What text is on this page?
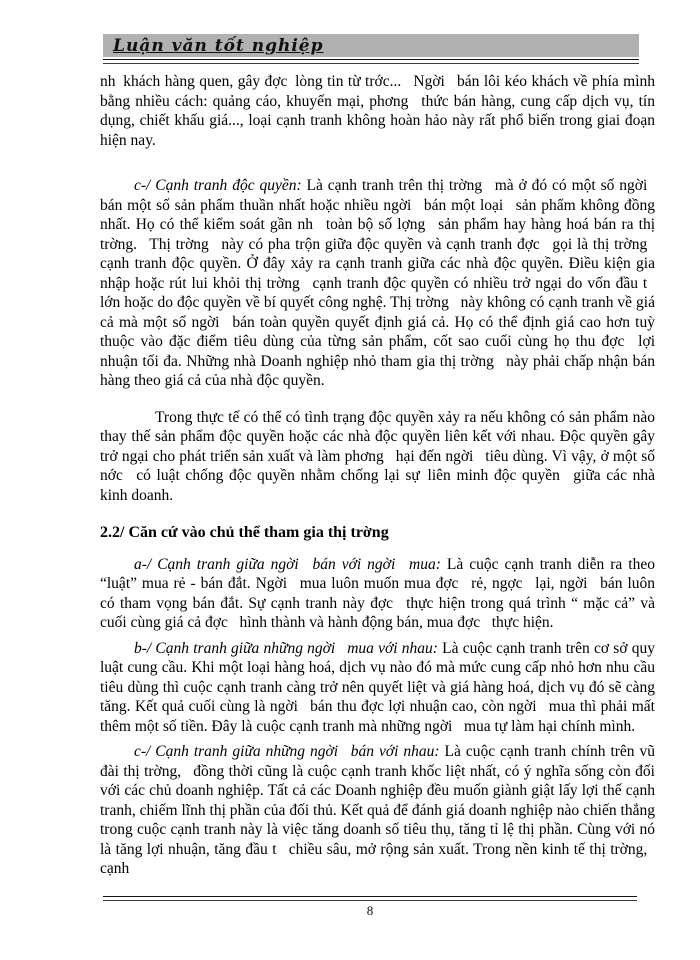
Luận văn tốt nghiệp

nh khách hàng quen, gây đợc lòng tin từ trớc...  Ngời  bán lôi kéo khách về phía mình bằng nhiều cách: quảng cáo, khuyến mại, phơng  thức bán hàng, cung cấp dịch vụ, tín dụng, chiết khấu giá..., loại cạnh tranh không hoàn hảo này rất phổ biến trong giai đoạn hiện nay.

c-/ Cạnh tranh độc quyền: Là cạnh tranh trên thị trờng  mà ở đó có một số ngời  bán một số sản phẩm thuần nhất hoặc nhiều ngời  bán một loại  sản phẩm không đồng nhất. Họ có thể kiểm soát gần nh  toàn bộ số lợng  sản phẩm hay hàng hoá bán ra thị trờng.  Thị trờng  này có pha trộn giữa độc quyền và cạnh tranh đợc  gọi là thị trờng  cạnh tranh độc quyền. Ở đây xảy ra cạnh tranh giữa các nhà độc quyền. Điều kiện gia nhập hoặc rút lui khỏi thị trờng  cạnh tranh độc quyền có nhiều trở ngại do vốn đầu t  lớn hoặc do độc quyền về bí quyết công nghệ. Thị trờng  này không có cạnh tranh về giá cả mà một số ngời  bán toàn quyền quyết định giá cả. Họ có thể định giá cao hơn tuỳ thuộc vào đặc điểm tiêu dùng của từng sản phẩm, cốt sao cuối cùng họ thu đợc  lợi nhuận tối đa. Những nhà Doanh nghiệp nhỏ tham gia thị trờng  này phải chấp nhận bán hàng theo giá cả của nhà độc quyền.

Trong thực tế có thể có tình trạng độc quyền xảy ra nếu không có sản phẩm nào thay thế sản phẩm độc quyền hoặc các nhà độc quyền liên kết với nhau. Độc quyền gây trở ngại cho phát triển sản xuất và làm phơng  hại đến ngời  tiêu dùng. Vì vậy, ở một số nớc  có luật chống độc quyền nhằm chống lại sự liên minh độc quyền  giữa các nhà kinh doanh.

2.2/ Căn cứ vào chủ thể tham gia thị trờng

a-/ Cạnh tranh giữa ngời  bán với ngời  mua: Là cuộc cạnh tranh diễn ra theo “luật” mua rẻ - bán đắt. Ngời  mua luôn muốn mua đợc  rẻ, ngợc  lại, ngời  bán luôn có tham vọng bán đắt. Sự cạnh tranh này đợc  thực hiện trong quá trình “ mặc cả” và cuối cùng giá cả đợc  hình thành và hành động bán, mua đợc  thực hiện.

b-/ Cạnh tranh giữa những ngời  mua với nhau: Là cuộc cạnh tranh trên cơ sở quy luật cung cầu. Khi một loại hàng hoá, dịch vụ nào đó mà mức cung cấp nhỏ hơn nhu cầu tiêu dùng thì cuộc cạnh tranh càng trở nên quyết liệt và giá hàng hoá, dịch vụ đó sẽ càng tăng. Kết quả cuối cùng là ngời  bán thu đợc lợi nhuận cao, còn ngời  mua thì phải mất thêm một số tiền. Đây là cuộc cạnh tranh mà những ngời  mua tự làm hại chính mình.

c-/ Cạnh tranh giữa những ngời  bán với nhau: Là cuộc cạnh tranh chính trên vũ đài thị trờng,  đồng thời cũng là cuộc cạnh tranh khốc liệt nhất, có ý nghĩa sống còn đối với các chủ doanh nghiệp. Tất cả các Doanh nghiệp đều muốn giành giật lấy lợi thế cạnh tranh, chiếm lĩnh thị phần của đối thủ. Kết quả để đánh giá doanh nghiệp nào chiến thắng trong cuộc cạnh tranh này là việc tăng doanh số tiêu thụ, tăng tỉ lệ thị phần. Cùng với nó là tăng lợi nhuận, tăng đầu t  chiều sâu, mở rộng sản xuất. Trong nền kinh tế thị trờng,  cạnh

8
